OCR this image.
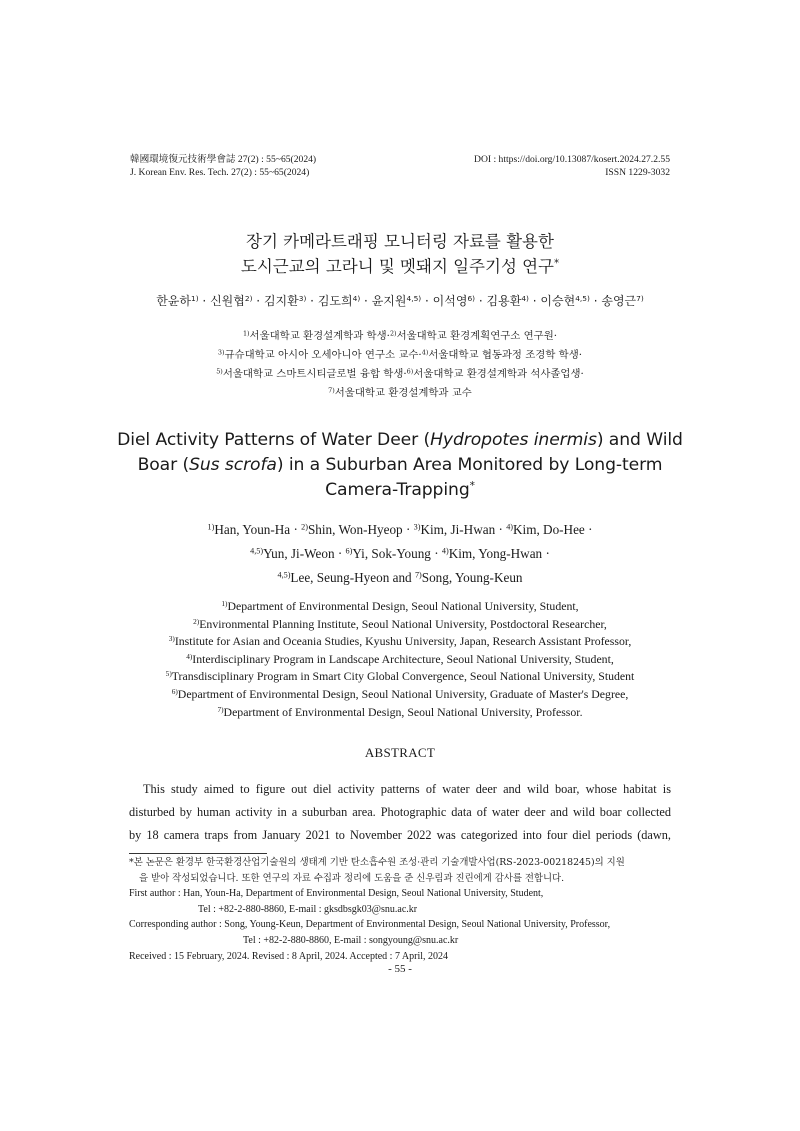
韓國環境復元技術學會誌 27(2) : 55~65(2024)
J. Korean Env. Res. Tech. 27(2) : 55~65(2024)
DOI : https://doi.org/10.13087/kosert.2024.27.2.55
ISSN 1229-3032
장기 카메라트래핑 모니터링 자료를 활용한
도시근교의 고라니 및 멧돼지 일주기성 연구*
한윤하$^{1)}$ · 신원협$^{2)}$ · 김지환$^{3)}$ · 김도희$^{4)}$ · 윤지원$^{4,5)}$ · 이석영$^{6)}$ · 김용환$^{4)}$ · 이승현$^{4,5)}$ · 송영근$^{7)}$
$^{1)}$서울대학교 환경설계학과 학생·$^{2)}$서울대학교 환경계획연구소 연구원·
$^{3)}$규슈대학교 아시아 오세아니아 연구소 교수·$^{4)}$서울대학교 협동과정 조경학 학생·
$^{5)}$서울대학교 스마트시티글로벌 융합 학생·$^{6)}$서울대학교 환경설계학과 석사졸업생·
$^{7)}$서울대학교 환경설계학과 교수
Diel Activity Patterns of Water Deer (Hydropotes inermis) and Wild
Boar (Sus scrofa) in a Suburban Area Monitored by Long-term
Camera-Trapping*
$^{1)}$Han, Youn-Ha · $^{2)}$Shin, Won-Hyeop · $^{3)}$Kim, Ji-Hwan · $^{4)}$Kim, Do-Hee ·
$^{4,5)}$Yun, Ji-Weon · $^{6)}$Yi, Sok-Young · $^{4)}$Kim, Yong-Hwan ·
$^{4,5)}$Lee, Seung-Hyeon and $^{7)}$Song, Young-Keun
$^{1)}$Department of Environmental Design, Seoul National University, Student,
$^{2)}$Environmental Planning Institute, Seoul National University, Postdoctoral Researcher,
$^{3)}$Institute for Asian and Oceania Studies, Kyushu University, Japan, Research Assistant Professor,
$^{4)}$Interdisciplinary Program in Landscape Architecture, Seoul National University, Student,
$^{5)}$Transdisciplinary Program in Smart City Global Convergence, Seoul National University, Student
$^{6)}$Department of Environmental Design, Seoul National University, Graduate of Master's Degree,
$^{7)}$Department of Environmental Design, Seoul National University, Professor.
ABSTRACT
This study aimed to figure out diel activity patterns of water deer and wild boar, whose habitat is
disturbed by human activity in a suburban area. Photographic data of water deer and wild boar collected
by 18 camera traps from January 2021 to November 2022 was categorized into four diel periods (dawn,
*본 논문은 환경부 한국환경산업기술원의 생태계 기반 탄소흡수원 조성·관리 기술개발사업(RS-2023-00218245)의 지원
을 받아 작성되었습니다. 또한 연구의 자료 수집과 정리에 도움을 준 신우림과 진린에게 감사를 전합니다.
First author : Han, Youn-Ha, Department of Environmental Design, Seoul National University, Student,
Tel : +82-2-880-8860, E-mail : gksdbsgk03@snu.ac.kr
Corresponding author : Song, Young-Keun, Department of Environmental Design, Seoul National University, Professor,
Tel : +82-2-880-8860, E-mail : songyoung@snu.ac.kr
Received : 15 February, 2024. Revised : 8 April, 2024. Accepted : 7 April, 2024
- 55 -
